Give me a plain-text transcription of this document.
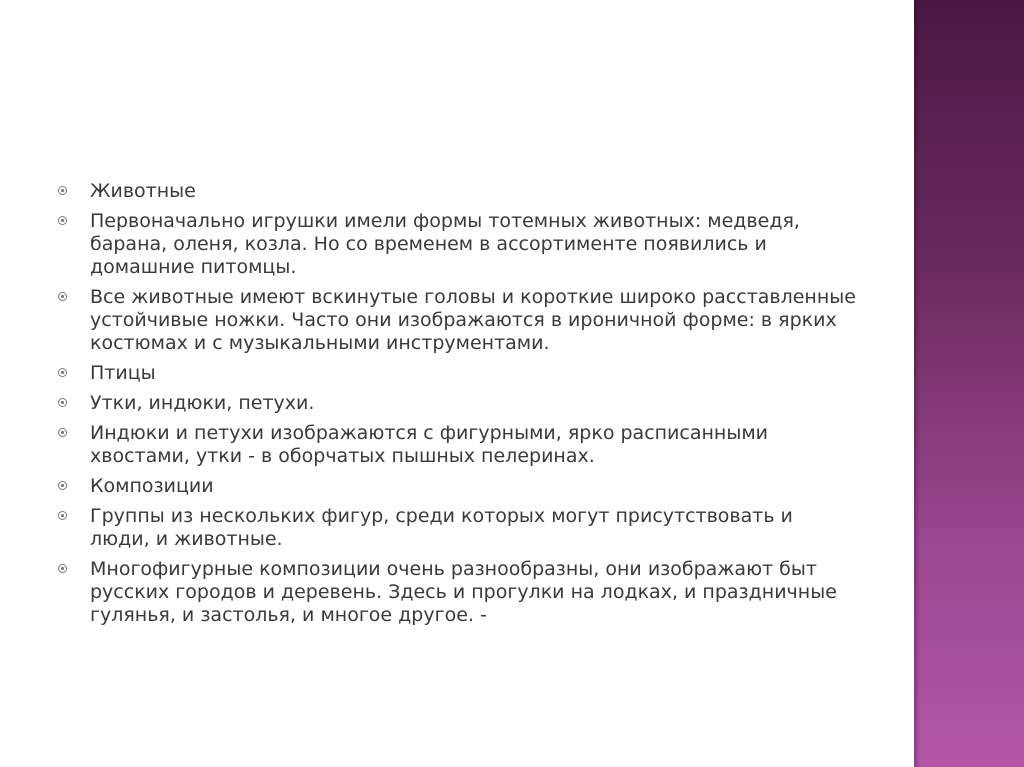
Животные
Первоначально игрушки имели формы тотемных животных: медведя, барана, оленя, козла. Но со временем в ассортименте появились и домашние питомцы.
Все животные имеют вскинутые головы и короткие широко расставленные устойчивые ножки. Часто они изображаются в ироничной форме: в ярких костюмах и с музыкальными инструментами.
Птицы
Утки, индюки, петухи.
Индюки и петухи изображаются с фигурными, ярко расписанными хвостами, утки - в оборчатых пышных пелеринах.
Композиции
Группы из нескольких фигур, среди которых могут присутствовать и люди, и животные.
Многофигурные композиции очень разнообразны, они изображают быт русских городов и деревень. Здесь и прогулки на лодках, и праздничные гулянья, и застолья, и многое другое. -
